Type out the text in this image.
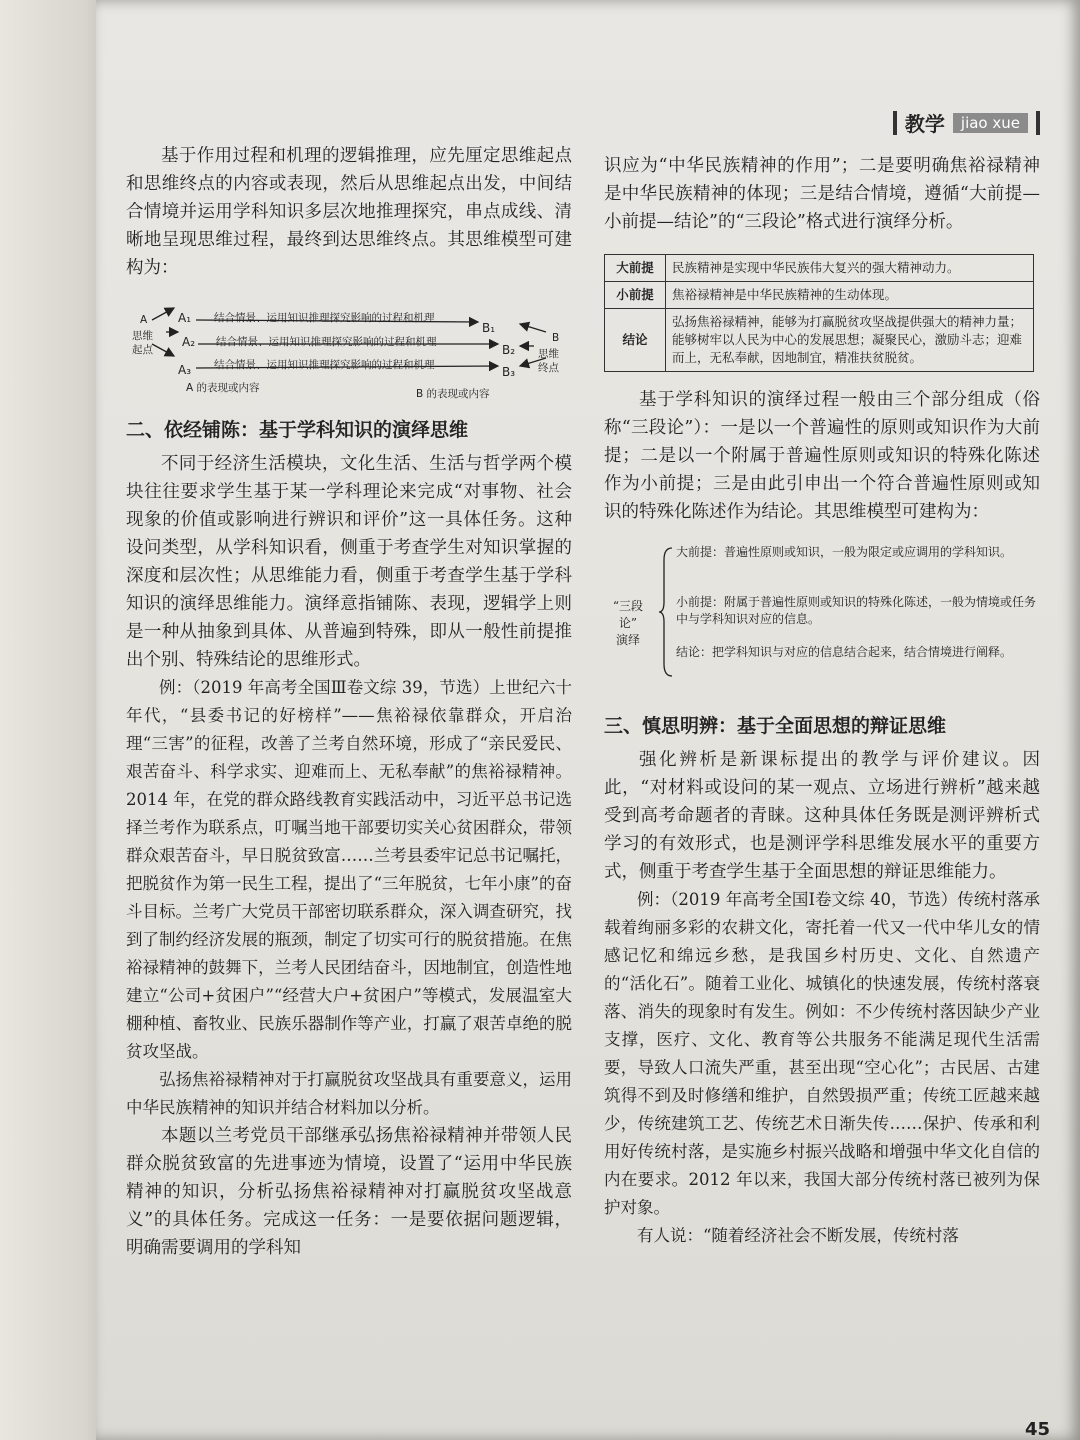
教学	jiao xue
45

基于作用过程和机理的逻辑推理，应先厘定思维起点和思维终点的内容或表现，然后从思维起点出发，中间结合情境并运用学科知识多层次地推理探究，串点成线、清晰地呈现思维过程，最终到达思维终点。其思维模型可建构为：

A
思维
起点
A₁
A₂
A₃
结合情景、运用知识推理探究影响的过程和机理
结合情景、运用知识推理探究影响的过程和机理
结合情景、运用知识推理探究影响的过程和机理
B₁
B₂
B₃
B
思维
终点
A 的表现或内容	B 的表现或内容
二、依经铺陈：基于学科知识的演绎思维

不同于经济生活模块，文化生活、生活与哲学两个模块往往要求学生基于某一学科理论来完成“对事物、社会现象的价值或影响进行辨识和评价”这一具体任务。这种设问类型，从学科知识看，侧重于考查学生对知识掌握的深度和层次性；从思维能力看，侧重于考查学生基于学科知识的演绎思维能力。演绎意指铺陈、表现，逻辑学上则是一种从抽象到具体、从普遍到特殊，即从一般性前提推出个别、特殊结论的思维形式。

例：（2019 年高考全国Ⅲ卷文综 39，节选）上世纪六十年代，“县委书记的好榜样”——焦裕禄依靠群众，开启治理“三害”的征程，改善了兰考自然环境，形成了“亲民爱民、艰苦奋斗、科学求实、迎难而上、无私奉献”的焦裕禄精神。2014 年，在党的群众路线教育实践活动中，习近平总书记选择兰考作为联系点，叮嘱当地干部要切实关心贫困群众，带领群众艰苦奋斗，早日脱贫致富……兰考县委牢记总书记嘱托，把脱贫作为第一民生工程，提出了“三年脱贫，七年小康”的奋斗目标。兰考广大党员干部密切联系群众，深入调查研究，找到了制约经济发展的瓶颈，制定了切实可行的脱贫措施。在焦裕禄精神的鼓舞下，兰考人民团结奋斗，因地制宜，创造性地建立“公司+贫困户”“经营大户+贫困户”等模式，发展温室大棚种植、畜牧业、民族乐器制作等产业，打赢了艰苦卓绝的脱贫攻坚战。

弘扬焦裕禄精神对于打赢脱贫攻坚战具有重要意义，运用中华民族精神的知识并结合材料加以分析。

本题以兰考党员干部继承弘扬焦裕禄精神并带领人民群众脱贫致富的先进事迹为情境，设置了“运用中华民族精神的知识，分析弘扬焦裕禄精神对打赢脱贫攻坚战意义”的具体任务。完成这一任务：一是要依据问题逻辑，明确需要调用的学科知

识应为“中华民族精神的作用”；二是要明确焦裕禄精神是中华民族精神的体现；三是结合情境，遵循“大前提—小前提—结论”的“三段论”格式进行演绎分析。

大前提	民族精神是实现中华民族伟大复兴的强大精神动力。
小前提	焦裕禄精神是中华民族精神的生动体现。
结论	弘扬焦裕禄精神，能够为打赢脱贫攻坚战提供强大的精神力量；能够树牢以人民为中心的发展思想；凝聚民心，激励斗志；迎难而上，无私奉献，因地制宜，精准扶贫脱贫。

基于学科知识的演绎过程一般由三个部分组成（俗称“三段论”）：一是以一个普遍性的原则或知识作为大前提；二是以一个附属于普遍性原则或知识的特殊化陈述作为小前提；三是由此引申出一个符合普遍性原则或知识的特殊化陈述作为结论。其思维模型可建构为：

“三段论”
演绎
大前提：普遍性原则或知识，一般为限定或应调用的学科知识。
小前提：附属于普遍性原则或知识的特殊化陈述，一般为情境或任务中与学科知识对应的信息。
结论：把学科知识与对应的信息结合起来，结合情境进行阐释。
三、慎思明辨：基于全面思想的辩证思维

强化辨析是新课标提出的教学与评价建议。因此，“对材料或设问的某一观点、立场进行辨析”越来越受到高考命题者的青睐。这种具体任务既是测评辨析式学习的有效形式，也是测评学科思维发展水平的重要方式，侧重于考查学生基于全面思想的辩证思维能力。

例：（2019 年高考全国Ⅰ卷文综 40，节选）传统村落承载着绚丽多彩的农耕文化，寄托着一代又一代中华儿女的情感记忆和绵远乡愁，是我国乡村历史、文化、自然遗产的“活化石”。随着工业化、城镇化的快速发展，传统村落衰落、消失的现象时有发生。例如：不少传统村落因缺少产业支撑，医疗、文化、教育等公共服务不能满足现代生活需要，导致人口流失严重，甚至出现“空心化”；古民居、古建筑得不到及时修缮和维护，自然毁损严重；传统工匠越来越少，传统建筑工艺、传统艺术日渐失传……保护、传承和利用好传统村落，是实施乡村振兴战略和增强中华文化自信的内在要求。2012 年以来，我国大部分传统村落已被列为保护对象。

有人说：“随着经济社会不断发展，传统村落
